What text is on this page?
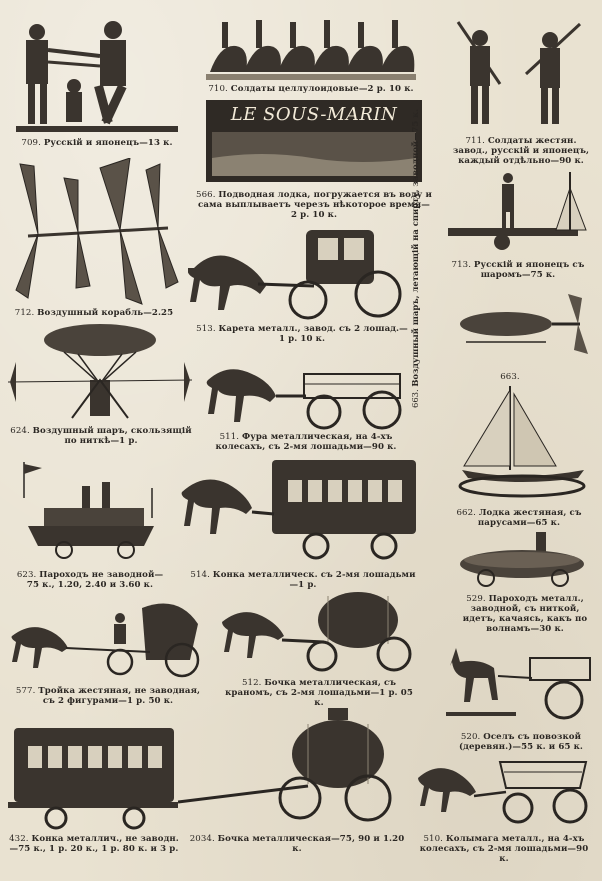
709. Русскій и японецъ—13 к.
710. Солдаты целлулоидовые—2 р. 10 к.
711. Солдаты жестян. завод., русскій и японецъ, каждый отдѣльно—90 к.
LE SOUS-MARIN
566. Подводная лодка, погружается въ воду и сама выплываетъ черезъ нѣкоторое время—2 р. 10 к.
712. Воздушный корабль—2.25
713. Русскій и японецъ съ шаромъ—75 к.
513. Карета металл., завод. съ 2 лошад.—1 р. 10 к.
663. Воздушный шаръ, летающій на спирту, заводной—75 к.	663.
624. Воздушный шаръ, скользящій по ниткѣ—1 р.	511. Фура металлическая, на 4-хъ колесахъ, съ 2-мя лошадьми—90 к.
662. Лодка жестяная, съ парусами—65 к.
623. Пароходъ не заводной—75 к., 1.20, 2.40 и 3.60 к.
514. Конка металлическ. съ 2-мя лошадьми—1 р.
529. Пароходъ металл., заводной, съ ниткой, идетъ, качаясь, какъ по волнамъ—30 к.
577. Тройка жестяная, не заводная, съ 2 фигурами—1 р. 50 к.
512. Бочка металлическая, съ краномъ, съ 2-мя лошадьми—1 р. 05 к.
520. Оселъ съ повозкой (деревян.)—55 к. и 65 к.
432. Конка металлич., не заводн.—75 к., 1 р. 20 к., 1 р. 80 к. и 3 р.
2034. Бочка металлическая—75, 90 и 1.20 к.
510. Колымага металл., на 4-хъ колесахъ, съ 2-мя лошадьми—90 к.
